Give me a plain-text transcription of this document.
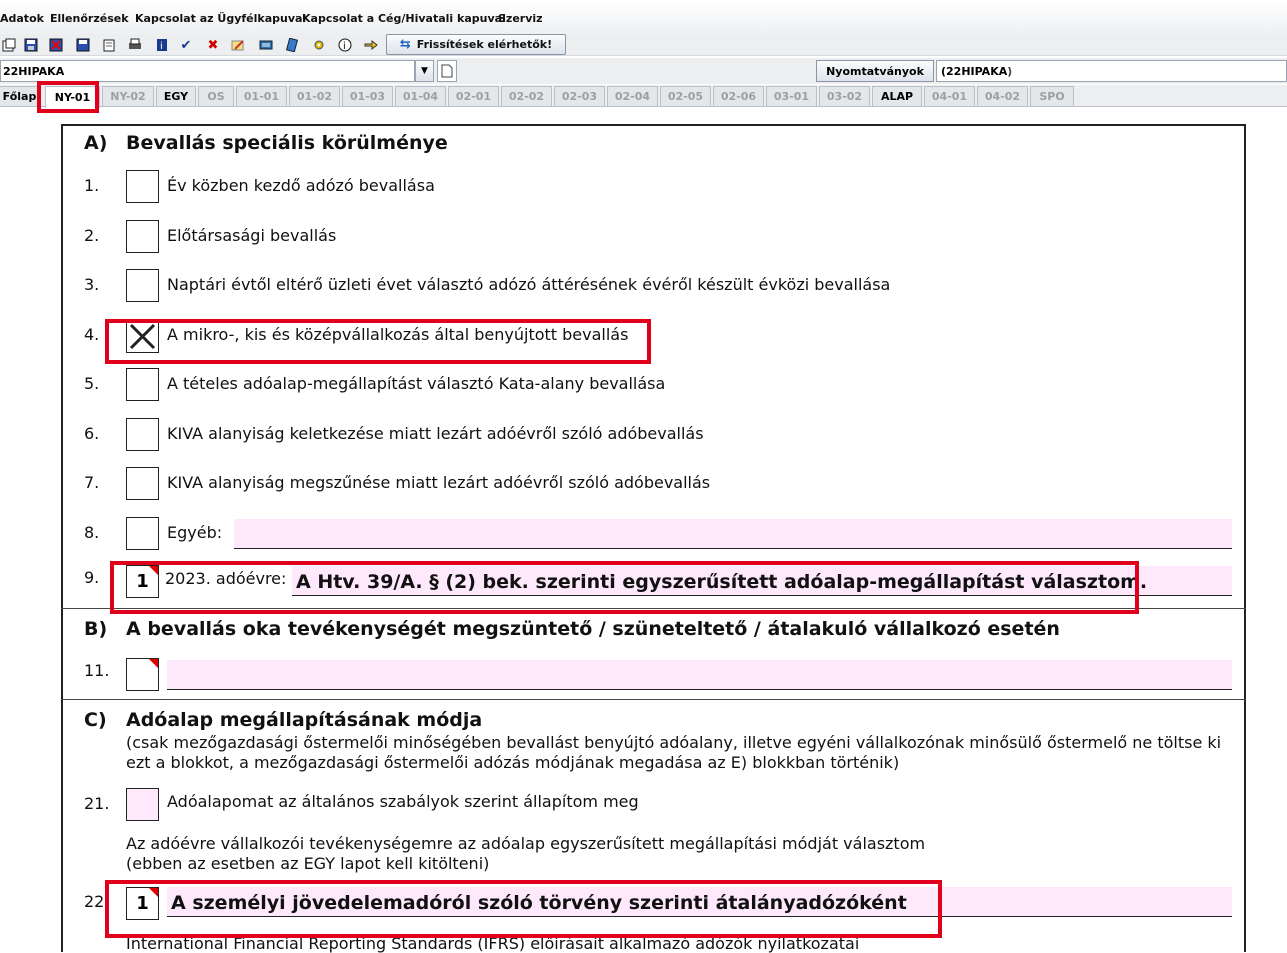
Adatok Ellenőrzések Kapcsolat az Ügyfélkapuval
Kapcsolat a Cég/Hivatali kapuval
Szerviz
i ✔ ✖	i	⇆ Frissítések elérhetők!
22HIPAKA	▼	Nyomtatványok	(22HIPAKA)
Főlap	NY-01	NY-02	EGY	OS	01-01	01-02	01-03	01-04	02-01	02-02	02-03	02-04	02-05	02-06	03-01	03-02	ALAP	04-01	04-02	SPO
A) Bevallás speciális körülménye
1.	Év közben kezdő adózó bevallása
2.	Előtársasági bevallás
3.	Naptári évtől eltérő üzleti évet választó adózó áttérésének évéről készült évközi bevallása
4.	A mikro-, kis és középvállalkozás által benyújtott bevallás
5.	A tételes adóalap-megállapítást választó Kata-alany bevallása
6.	KIVA alanyiság keletkezése miatt lezárt adóévről szóló adóbevallás
7.	KIVA alanyiság megszűnése miatt lezárt adóévről szóló adóbevallás
8.	Egyéb:
9.	1	2023. adóévre: A Htv. 39/A. § (2) bek. szerinti egyszerűsített adóalap-megállapítást választom.
B) A bevallás oka tevékenységét megszüntető / szüneteltető / átalakuló vállalkozó esetén
11.
C) Adóalap megállapításának módja
(csak mezőgazdasági őstermelői minőségében bevallást benyújtó adóalany, illetve egyéni vállalkozónak minősülő őstermelő ne töltse ki
ezt a blokkot, a mezőgazdasági őstermelői adózás módjának megadása az E) blokkban történik)
21.	Adóalapomat az általános szabályok szerint állapítom meg
Az adóévre vállalkozói tevékenységemre az adóalap egyszerűsített megállapítási módját választom
(ebben az esetben az EGY lapot kell kitölteni)
22.	1	A személyi jövedelemadóról szóló törvény szerinti átalányadózóként
International Financial Reporting Standards (IFRS) előírásait alkalmazó adózók nyilatkozatai
